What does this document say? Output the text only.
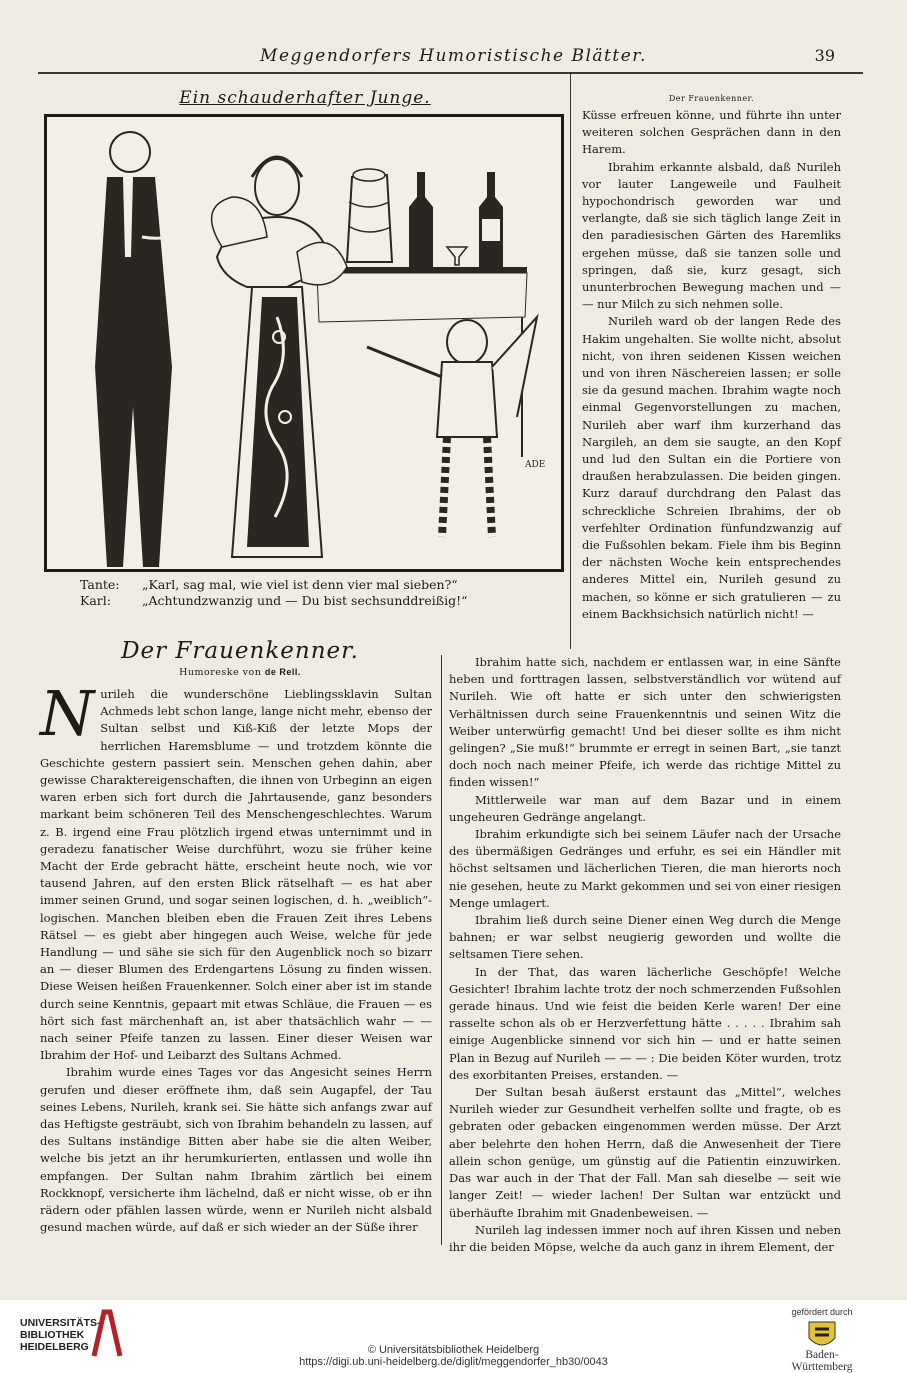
Meggendorfers Humoristische Blätter.	39
Ein schauderhafter Junge.
ADE
Tante: „Karl, sag mal, wie viel ist denn vier mal sieben?“
Karl: „Achtundzwanzig und — Du bist sechsunddreißig!“
Der Frauenkenner.
Humoreske von de Rell.

Nurileh die wunderschöne Lieblingssklavin Sultan Achmeds lebt schon lange, lange nicht mehr, ebenso der Sultan selbst und Kiß-Kiß der letzte Mops der herrlichen Haremsblume — und trotzdem könnte die Geschichte gestern passiert sein. Menschen gehen dahin, aber gewisse Charaktereigenschaften, die ihnen von Urbeginn an eigen waren erben sich fort durch die Jahrtausende, ganz besonders markant beim schöneren Teil des Menschengeschlechtes. Warum z. B. irgend eine Frau plötzlich irgend etwas unternimmt und in geradezu fanatischer Weise durchführt, wozu sie früher keine Macht der Erde gebracht hätte, erscheint heute noch, wie vor tausend Jahren, auf den ersten Blick rätselhaft — es hat aber immer seinen Grund, und sogar seinen logischen, d. h. „weiblich“-logischen. Manchen bleiben eben die Frauen Zeit ihres Lebens Rätsel — es giebt aber hingegen auch Weise, welche für jede Handlung — und sähe sie sich für den Augenblick noch so bizarr an — dieser Blumen des Erdengartens Lösung zu finden wissen. Diese Weisen heißen Frauenkenner. Solch einer aber ist im stande durch seine Kenntnis, gepaart mit etwas Schläue, die Frauen — es hört sich fast märchenhaft an, ist aber thatsächlich wahr — — nach seiner Pfeife tanzen zu lassen. Einer dieser Weisen war Ibrahim der Hof- und Leibarzt des Sultans Achmed.

Ibrahim wurde eines Tages vor das Angesicht seines Herrn gerufen und dieser eröffnete ihm, daß sein Augapfel, der Tau seines Lebens, Nurileh, krank sei. Sie hätte sich anfangs zwar auf das Heftigste gesträubt, sich von Ibrahim behandeln zu lassen, auf des Sultans inständige Bitten aber habe sie die alten Weiber, welche bis jetzt an ihr herumkurierten, entlassen und wolle ihn empfangen. Der Sultan nahm Ibrahim zärtlich bei einem Rockknopf, versicherte ihm lächelnd, daß er nicht wisse, ob er ihn rädern oder pfählen lassen würde, wenn er Nurileh nicht alsbald gesund machen würde, auf daß er sich wieder an der Süße ihrer

Der Frauenkenner.

Küsse erfreuen könne, und führte ihn unter weiteren solchen Gesprächen dann in den Harem.

Ibrahim erkannte alsbald, daß Nurileh vor lauter Langeweile und Faulheit hypochondrisch geworden war und verlangte, daß sie sich täglich lange Zeit in den paradiesischen Gärten des Haremliks ergehen müsse, daß sie tanzen solle und springen, daß sie, kurz gesagt, sich ununterbrochen Bewegung machen und — — nur Milch zu sich nehmen solle.

Nurileh ward ob der langen Rede des Hakim ungehalten. Sie wollte nicht, absolut nicht, von ihren seidenen Kissen weichen und von ihren Näschereien lassen; er solle sie da gesund machen. Ibrahim wagte noch einmal Gegenvorstellungen zu machen, Nurileh aber warf ihm kurzerhand das Nargileh, an dem sie saugte, an den Kopf und lud den Sultan ein die Portiere von draußen herabzulassen. Die beiden gingen. Kurz darauf durchdrang den Palast das schreckliche Schreien Ibrahims, der ob verfehlter Ordination fünfundzwanzig auf die Fußsohlen bekam. Fiele ihm bis Beginn der nächsten Woche kein entsprechendes anderes Mittel ein, Nurileh gesund zu machen, so könne er sich gratulieren — zu einem Backhsichsich natürlich nicht! —

Ibrahim hatte sich, nachdem er entlassen war, in eine Sänfte heben und forttragen lassen, selbstverständlich vor wütend auf Nurileh. Wie oft hatte er sich unter den schwierigsten Verhältnissen durch seine Frauenkenntnis und seinen Witz die Weiber unterwürfig gemacht! Und bei dieser sollte es ihm nicht gelingen? „Sie muß!“ brummte er erregt in seinen Bart, „sie tanzt doch noch nach meiner Pfeife, ich werde das richtige Mittel zu finden wissen!“

Mittlerweile war man auf dem Bazar und in einem ungeheuren Gedränge angelangt.

Ibrahim erkundigte sich bei seinem Läufer nach der Ursache des übermäßigen Gedränges und erfuhr, es sei ein Händler mit höchst seltsamen und lächerlichen Tieren, die man hierorts noch nie gesehen, heute zu Markt gekommen und sei von einer riesigen Menge umlagert.

Ibrahim ließ durch seine Diener einen Weg durch die Menge bahnen; er war selbst neugierig geworden und wollte die seltsamen Tiere sehen.

In der That, das waren lächerliche Geschöpfe! Welche Gesichter! Ibrahim lachte trotz der noch schmerzenden Fußsohlen gerade hinaus. Und wie feist die beiden Kerle waren! Der eine rasselte schon als ob er Herzverfettung hätte . . . . . Ibrahim sah einige Augenblicke sinnend vor sich hin — und er hatte seinen Plan in Bezug auf Nurileh — — — : Die beiden Köter wurden, trotz des exorbitanten Preises, erstanden. —

Der Sultan besah äußerst erstaunt das „Mittel“, welches Nurileh wieder zur Gesundheit verhelfen sollte und fragte, ob es gebraten oder gebacken eingenommen werden müsse. Der Arzt aber belehrte den hohen Herrn, daß die Anwesenheit der Tiere allein schon genüge, um günstig auf die Patientin einzuwirken. Das war auch in der That der Fall. Man sah dieselbe — seit wie langer Zeit! — wieder lachen! Der Sultan war entzückt und überhäufte Ibrahim mit Gnadenbeweisen. —

Nurileh lag indessen immer noch auf ihren Kissen und neben ihr die beiden Möpse, welche da auch ganz in ihrem Element, der

UNIVERSITÄTS-
BIBLIOTHEK
HEIDELBERG	© Universitätsbibliothek Heidelberg
https://digi.ub.uni-heidelberg.de/diglit/meggendorfer_hb30/0043
gefördert durch
Baden-Württemberg
